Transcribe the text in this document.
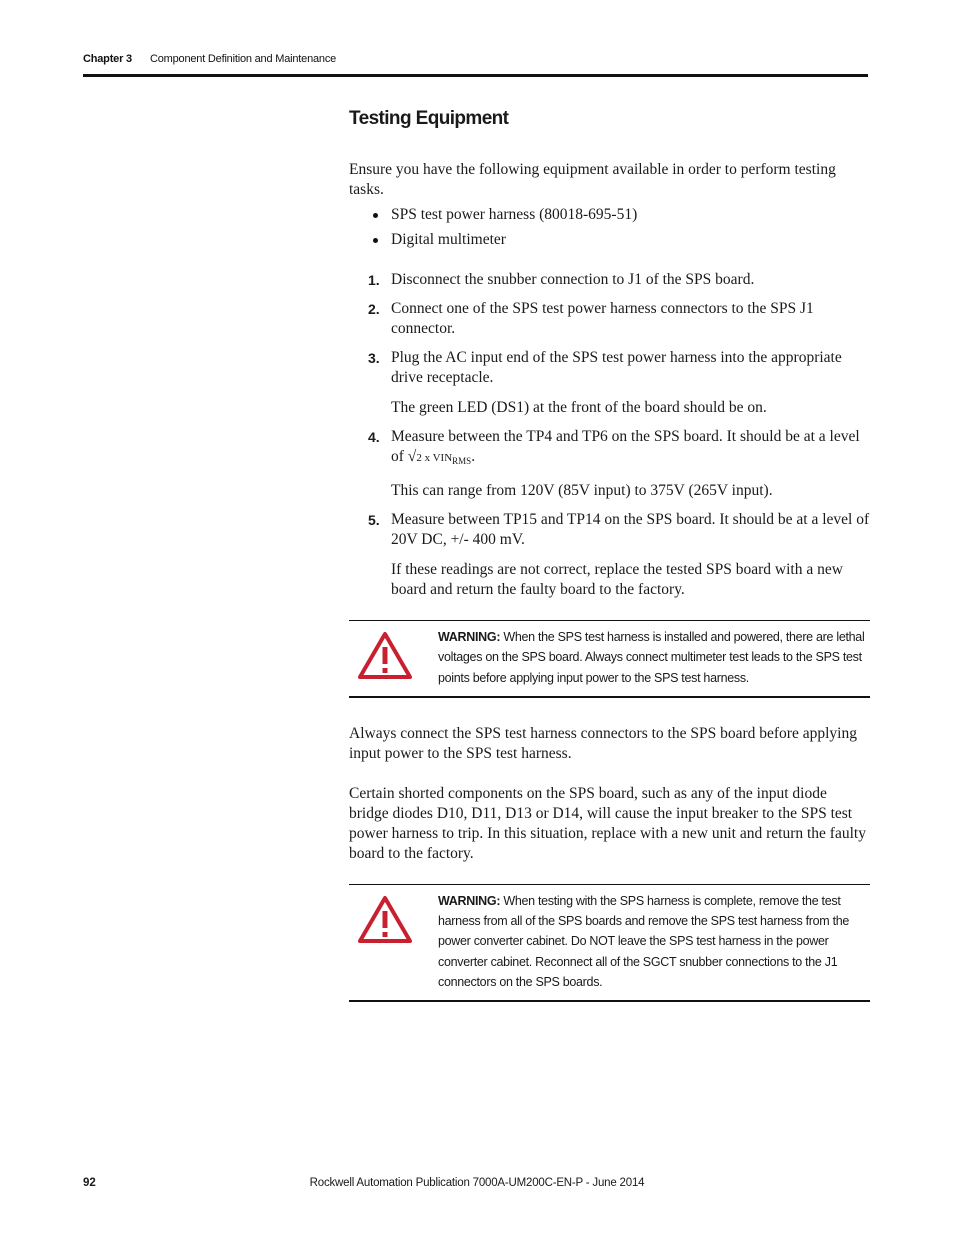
Chapter 3 Component Definition and Maintenance
Testing Equipment

Ensure you have the following equipment available in order to perform testing tasks.

SPS test power harness (80018-695-51)
Digital multimeter
1. Disconnect the snubber connection to J1 of the SPS board.
2. Connect one of the SPS test power harness connectors to the SPS J1 connector.
3. Plug the AC input end of the SPS test power harness into the appropriate drive receptacle.

The green LED (DS1) at the front of the board should be on.

4. Measure between the TP4 and TP6 on the SPS board. It should be at a level of √2 x VINRMS.

This can range from 120V (85V input) to 375V (265V input).

5. Measure between TP15 and TP14 on the SPS board. It should be at a level of 20V DC, +/- 400 mV.

If these readings are not correct, replace the tested SPS board with a new board and return the faulty board to the factory.

WARNING: When the SPS test harness is installed and powered, there are lethal voltages on the SPS board. Always connect multimeter test leads to the SPS test points before applying input power to the SPS test harness.

Always connect the SPS test harness connectors to the SPS board before applying input power to the SPS test harness.

Certain shorted components on the SPS board, such as any of the input diode bridge diodes D10, D11, D13 or D14, will cause the input breaker to the SPS test power harness to trip. In this situation, replace with a new unit and return the faulty board to the factory.

WARNING: When testing with the SPS harness is complete, remove the test harness from all of the SPS boards and remove the SPS test harness from the power converter cabinet. Do NOT leave the SPS test harness in the power converter cabinet. Reconnect all of the SGCT snubber connections to the J1 connectors on the SPS boards.
92	Rockwell Automation Publication 7000A-UM200C-EN-P - June 2014
